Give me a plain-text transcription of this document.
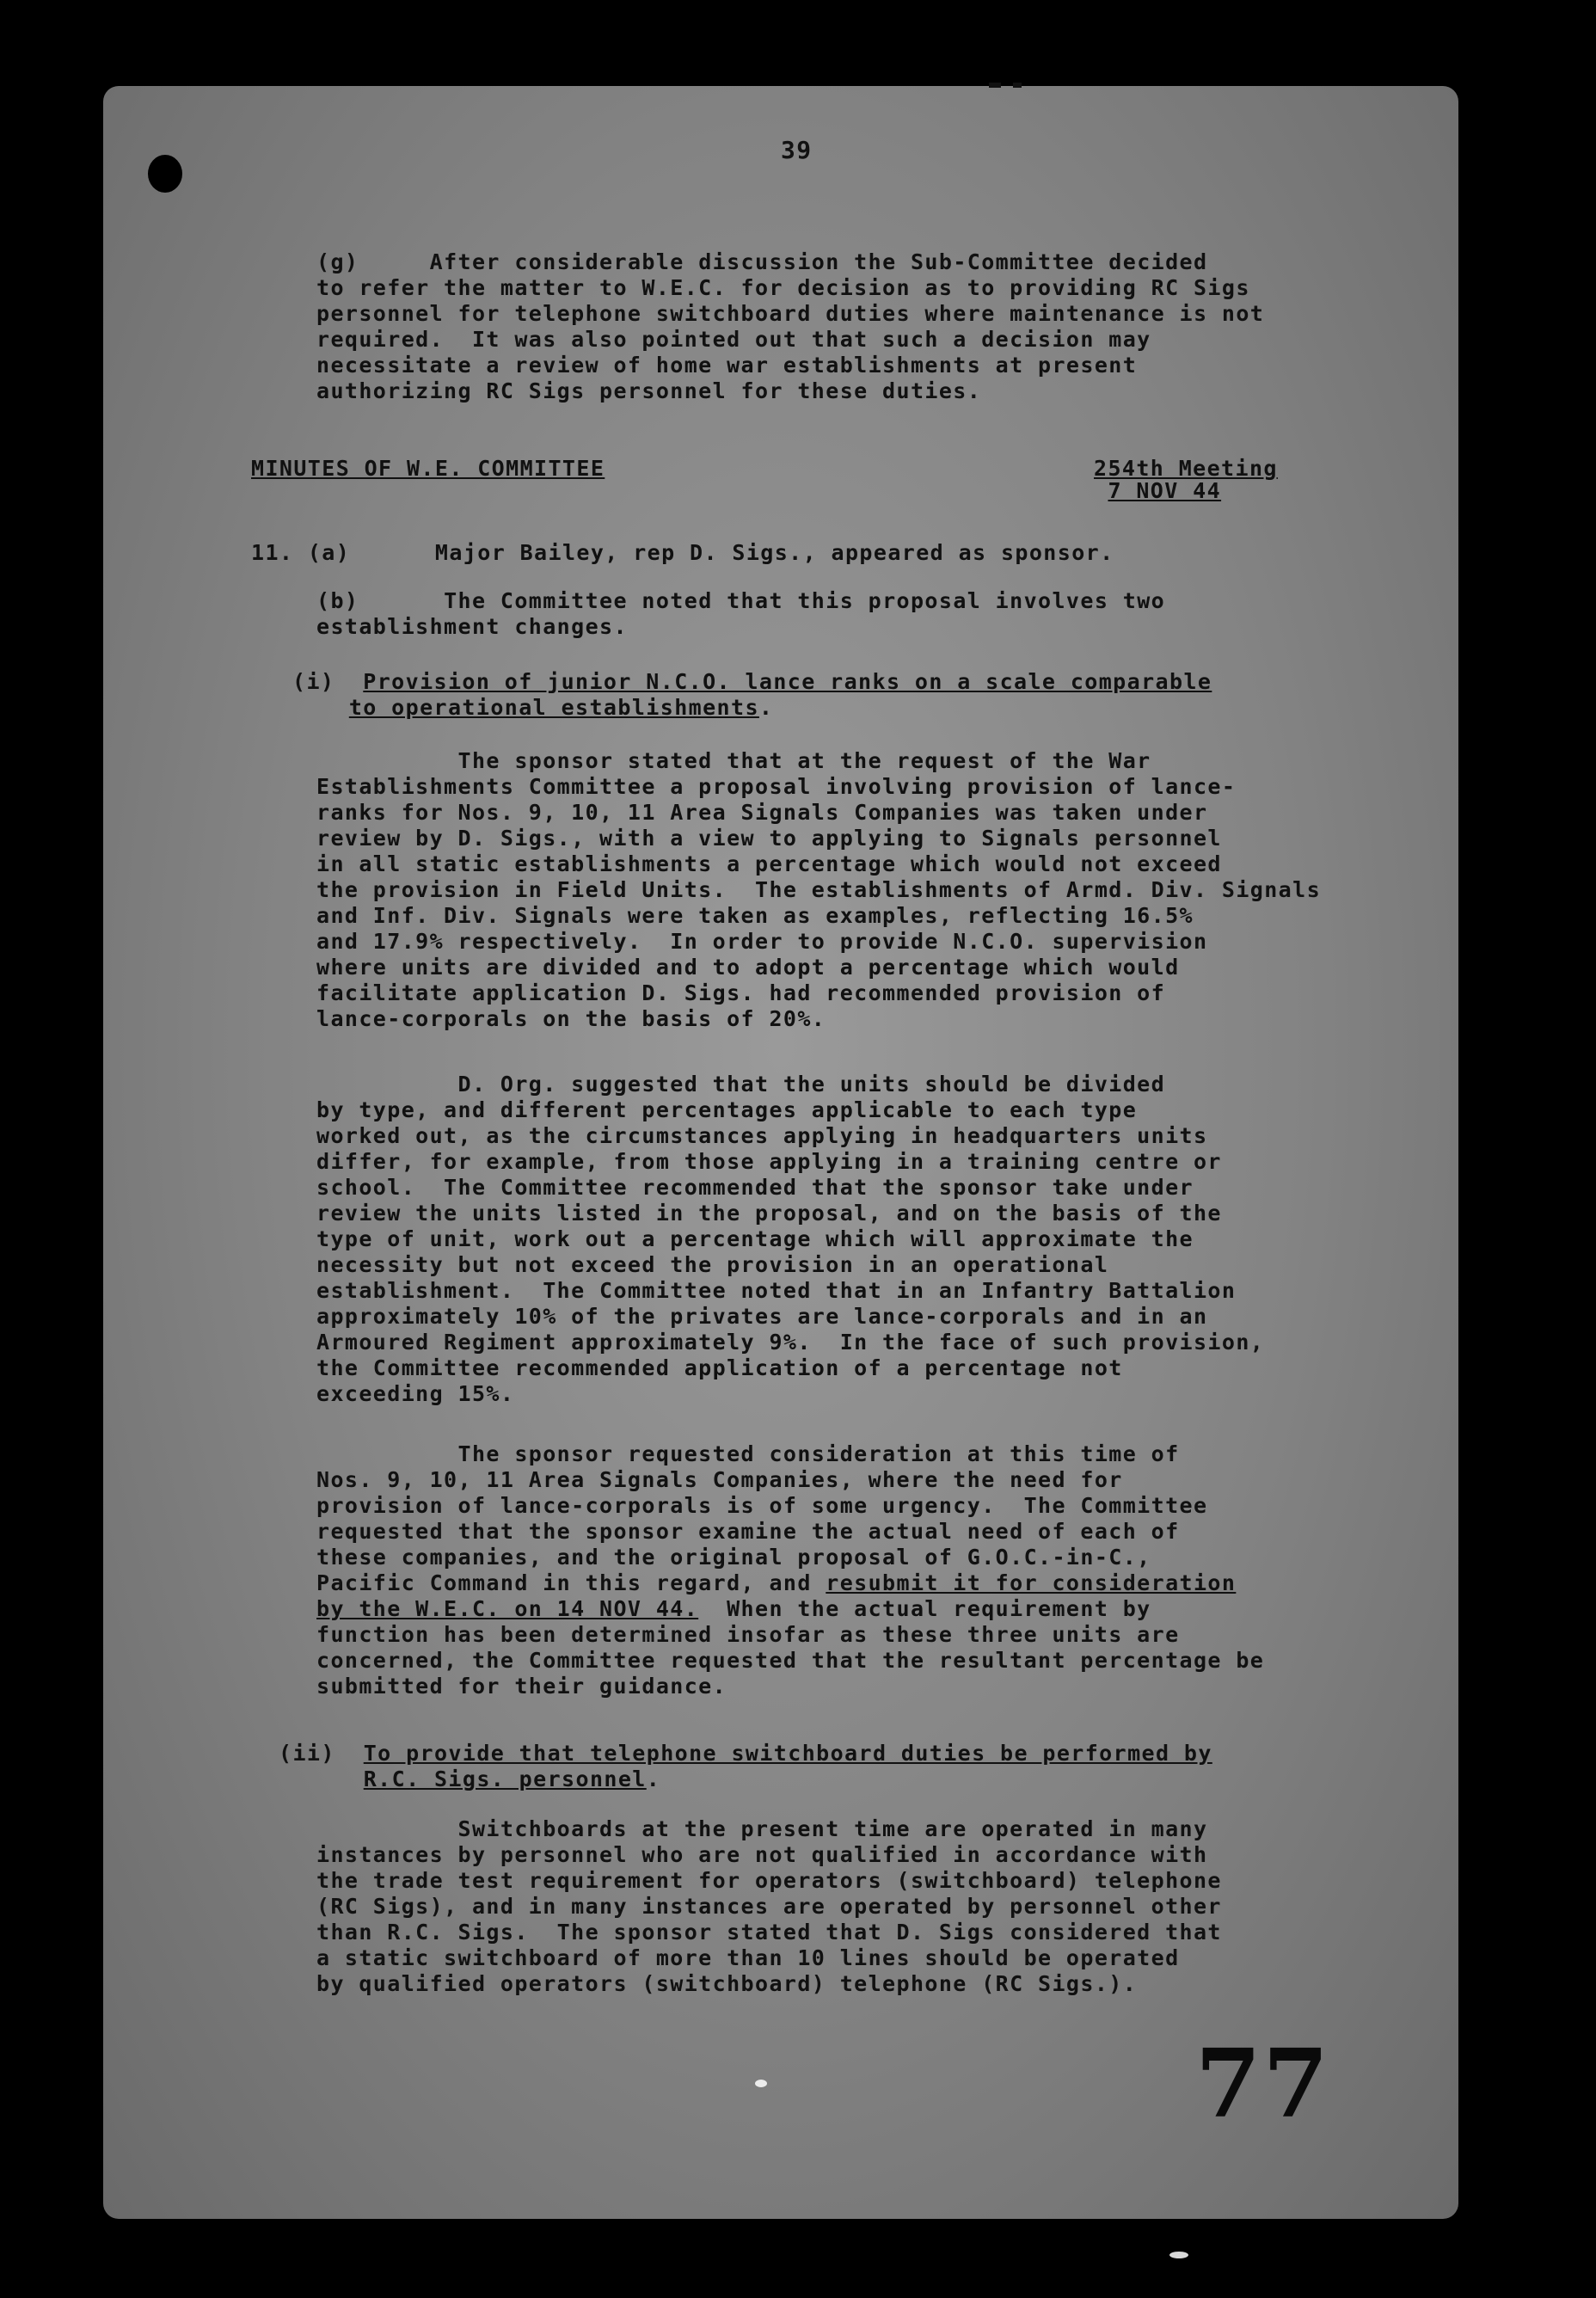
39
(g)	After considerable discussion the Sub-Committee decided
to refer the matter to W.E.C. for decision as to providing RC Sigs
personnel for telephone switchboard duties where maintenance is not
required.  It was also pointed out that such a decision may
necessitate a review of home war establishments at present
authorizing RC Sigs personnel for these duties.
MINUTES OF W.E. COMMITTEE	254th Meeting
7 NOV 44
11. (a)	Major Bailey, rep D. Sigs., appeared as sponsor.
(b)	The Committee noted that this proposal involves two
establishment changes.
(i) Provision of junior N.C.O. lance ranks on a scale comparable
to operational establishments.
The sponsor stated that at the request of the War
Establishments Committee a proposal involving provision of lance-
ranks for Nos. 9, 10, 11 Area Signals Companies was taken under
review by D. Sigs., with a view to applying to Signals personnel
in all static establishments a percentage which would not exceed
the provision in Field Units.  The establishments of Armd. Div. Signals
and Inf. Div. Signals were taken as examples, reflecting 16.5%
and 17.9% respectively.  In order to provide N.C.O. supervision
where units are divided and to adopt a percentage which would
facilitate application D. Sigs. had recommended provision of
lance-corporals on the basis of 20%.
D. Org. suggested that the units should be divided
by type, and different percentages applicable to each type
worked out, as the circumstances applying in headquarters units
differ, for example, from those applying in a training centre or
school.  The Committee recommended that the sponsor take under
review the units listed in the proposal, and on the basis of the
type of unit, work out a percentage which will approximate the
necessity but not exceed the provision in an operational
establishment.  The Committee noted that in an Infantry Battalion
approximately 10% of the privates are lance-corporals and in an
Armoured Regiment approximately 9%.  In the face of such provision,
the Committee recommended application of a percentage not
exceeding 15%.
The sponsor requested consideration at this time of
Nos. 9, 10, 11 Area Signals Companies, where the need for
provision of lance-corporals is of some urgency.  The Committee
requested that the sponsor examine the actual need of each of
these companies, and the original proposal of G.O.C.-in-C.,
Pacific Command in this regard, and resubmit it for consideration
by the W.E.C. on 14 NOV 44.  When the actual requirement by
function has been determined insofar as these three units are
concerned, the Committee requested that the resultant percentage be
submitted for their guidance.
(ii) To provide that telephone switchboard duties be performed by
R.C. Sigs. personnel.
Switchboards at the present time are operated in many
instances by personnel who are not qualified in accordance with
the trade test requirement for operators (switchboard) telephone
(RC Sigs), and in many instances are operated by personnel other
than R.C. Sigs.  The sponsor stated that D. Sigs considered that
a static switchboard of more than 10 lines should be operated
by qualified operators (switchboard) telephone (RC Sigs.).
77
